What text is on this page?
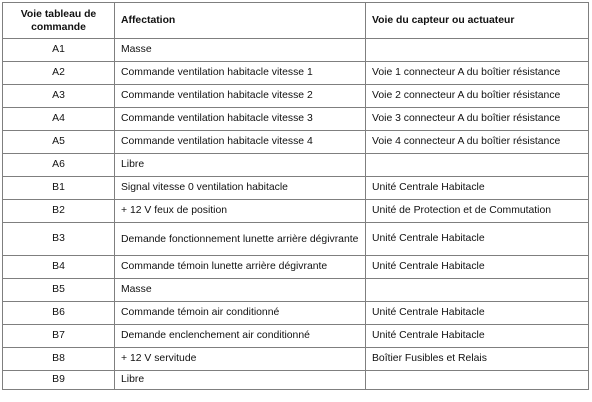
Voie tableau de commande	Affectation	Voie du capteur ou actuateur
A1	Masse	
A2	Commande ventilation habitacle vitesse 1	Voie 1 connecteur A du boîtier résistance
A3	Commande ventilation habitacle vitesse 2	Voie 2 connecteur A du boîtier résistance
A4	Commande ventilation habitacle vitesse 3	Voie 3 connecteur A du boîtier résistance
A5	Commande ventilation habitacle vitesse 4	Voie 4 connecteur A du boîtier résistance
A6	Libre	
B1	Signal vitesse 0 ventilation habitacle	Unité Centrale Habitacle
B2	+ 12 V feux de position	Unité de Protection et de Commutation
B3	Demande fonctionnement lunette arrière dégivrante	Unité Centrale Habitacle
B4	Commande témoin lunette arrière dégivrante	Unité Centrale Habitacle
B5	Masse	
B6	Commande témoin air conditionné	Unité Centrale Habitacle
B7	Demande enclenchement air conditionné	Unité Centrale Habitacle
B8	+ 12 V servitude	Boîtier Fusibles et Relais
B9	Libre	
